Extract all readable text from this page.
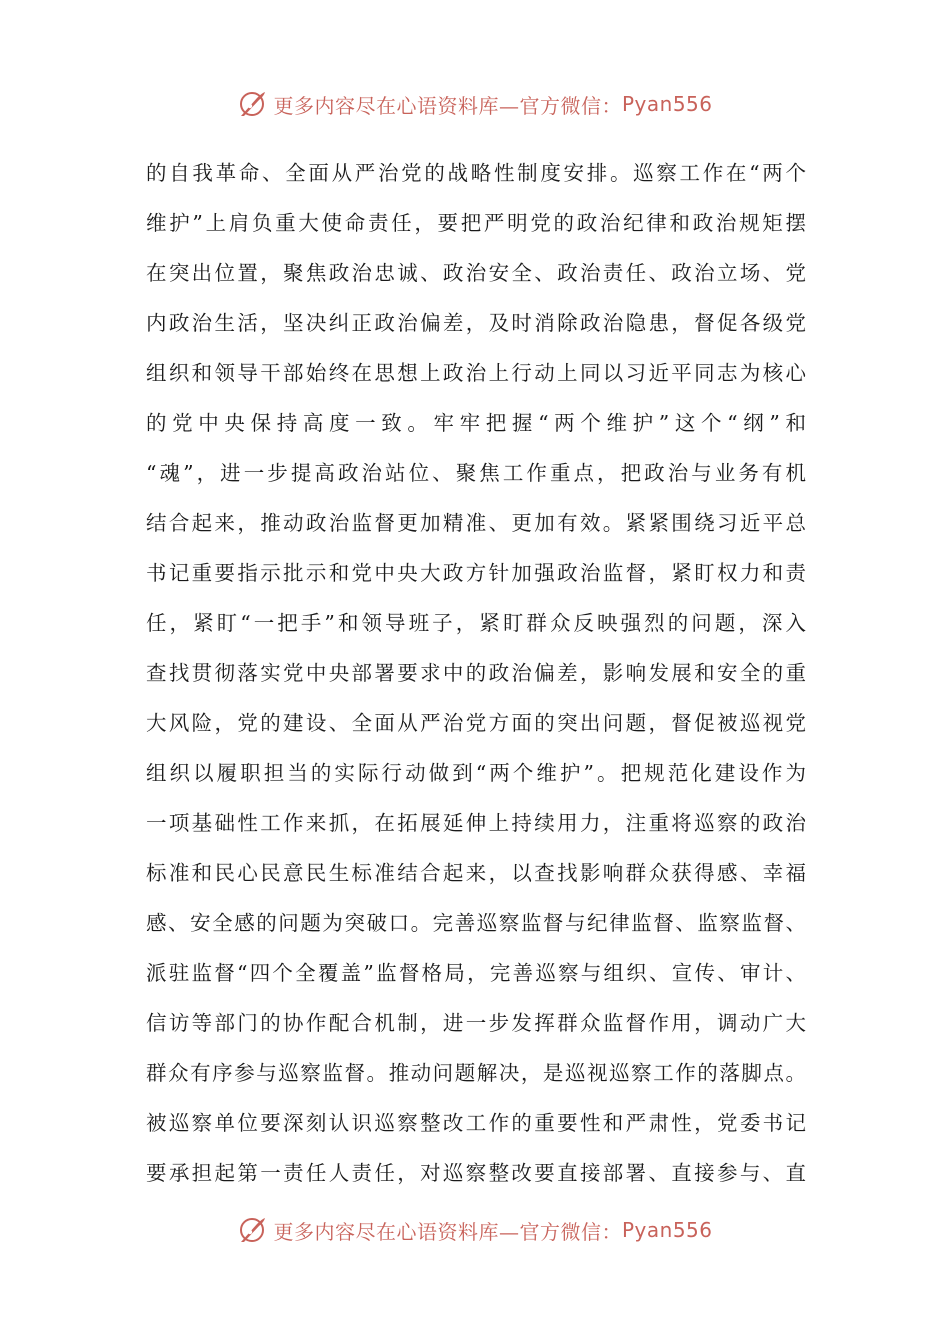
更多内容尽在心语资料库—官方微信： Pyan556
的自我革命、全面从严治党的战略性制度安排。巡察工作在“两个
维护”上肩负重大使命责任，要把严明党的政治纪律和政治规矩摆
在突出位置，聚焦政治忠诚、政治安全、政治责任、政治立场、党
内政治生活，坚决纠正政治偏差，及时消除政治隐患，督促各级党
组织和领导干部始终在思想上政治上行动上同以习近平同志为核心
的党中央保持高度一致。牢牢把握“两个维护”这个“纲”和
“魂”，进一步提高政治站位、聚焦工作重点，把政治与业务有机
结合起来，推动政治监督更加精准、更加有效。紧紧围绕习近平总
书记重要指示批示和党中央大政方针加强政治监督，紧盯权力和责
任，紧盯“一把手”和领导班子，紧盯群众反映强烈的问题，深入
查找贯彻落实党中央部署要求中的政治偏差，影响发展和安全的重
大风险，党的建设、全面从严治党方面的突出问题，督促被巡视党
组织以履职担当的实际行动做到“两个维护”。把规范化建设作为
一项基础性工作来抓，在拓展延伸上持续用力，注重将巡察的政治
标准和民心民意民生标准结合起来，以查找影响群众获得感、幸福
感、安全感的问题为突破口。完善巡察监督与纪律监督、监察监督、
派驻监督“四个全覆盖”监督格局，完善巡察与组织、宣传、审计、
信访等部门的协作配合机制，进一步发挥群众监督作用，调动广大
群众有序参与巡察监督。推动问题解决，是巡视巡察工作的落脚点。
被巡察单位要深刻认识巡察整改工作的重要性和严肃性，党委书记
要承担起第一责任人责任，对巡察整改要直接部署、直接参与、直
更多内容尽在心语资料库—官方微信： Pyan556
